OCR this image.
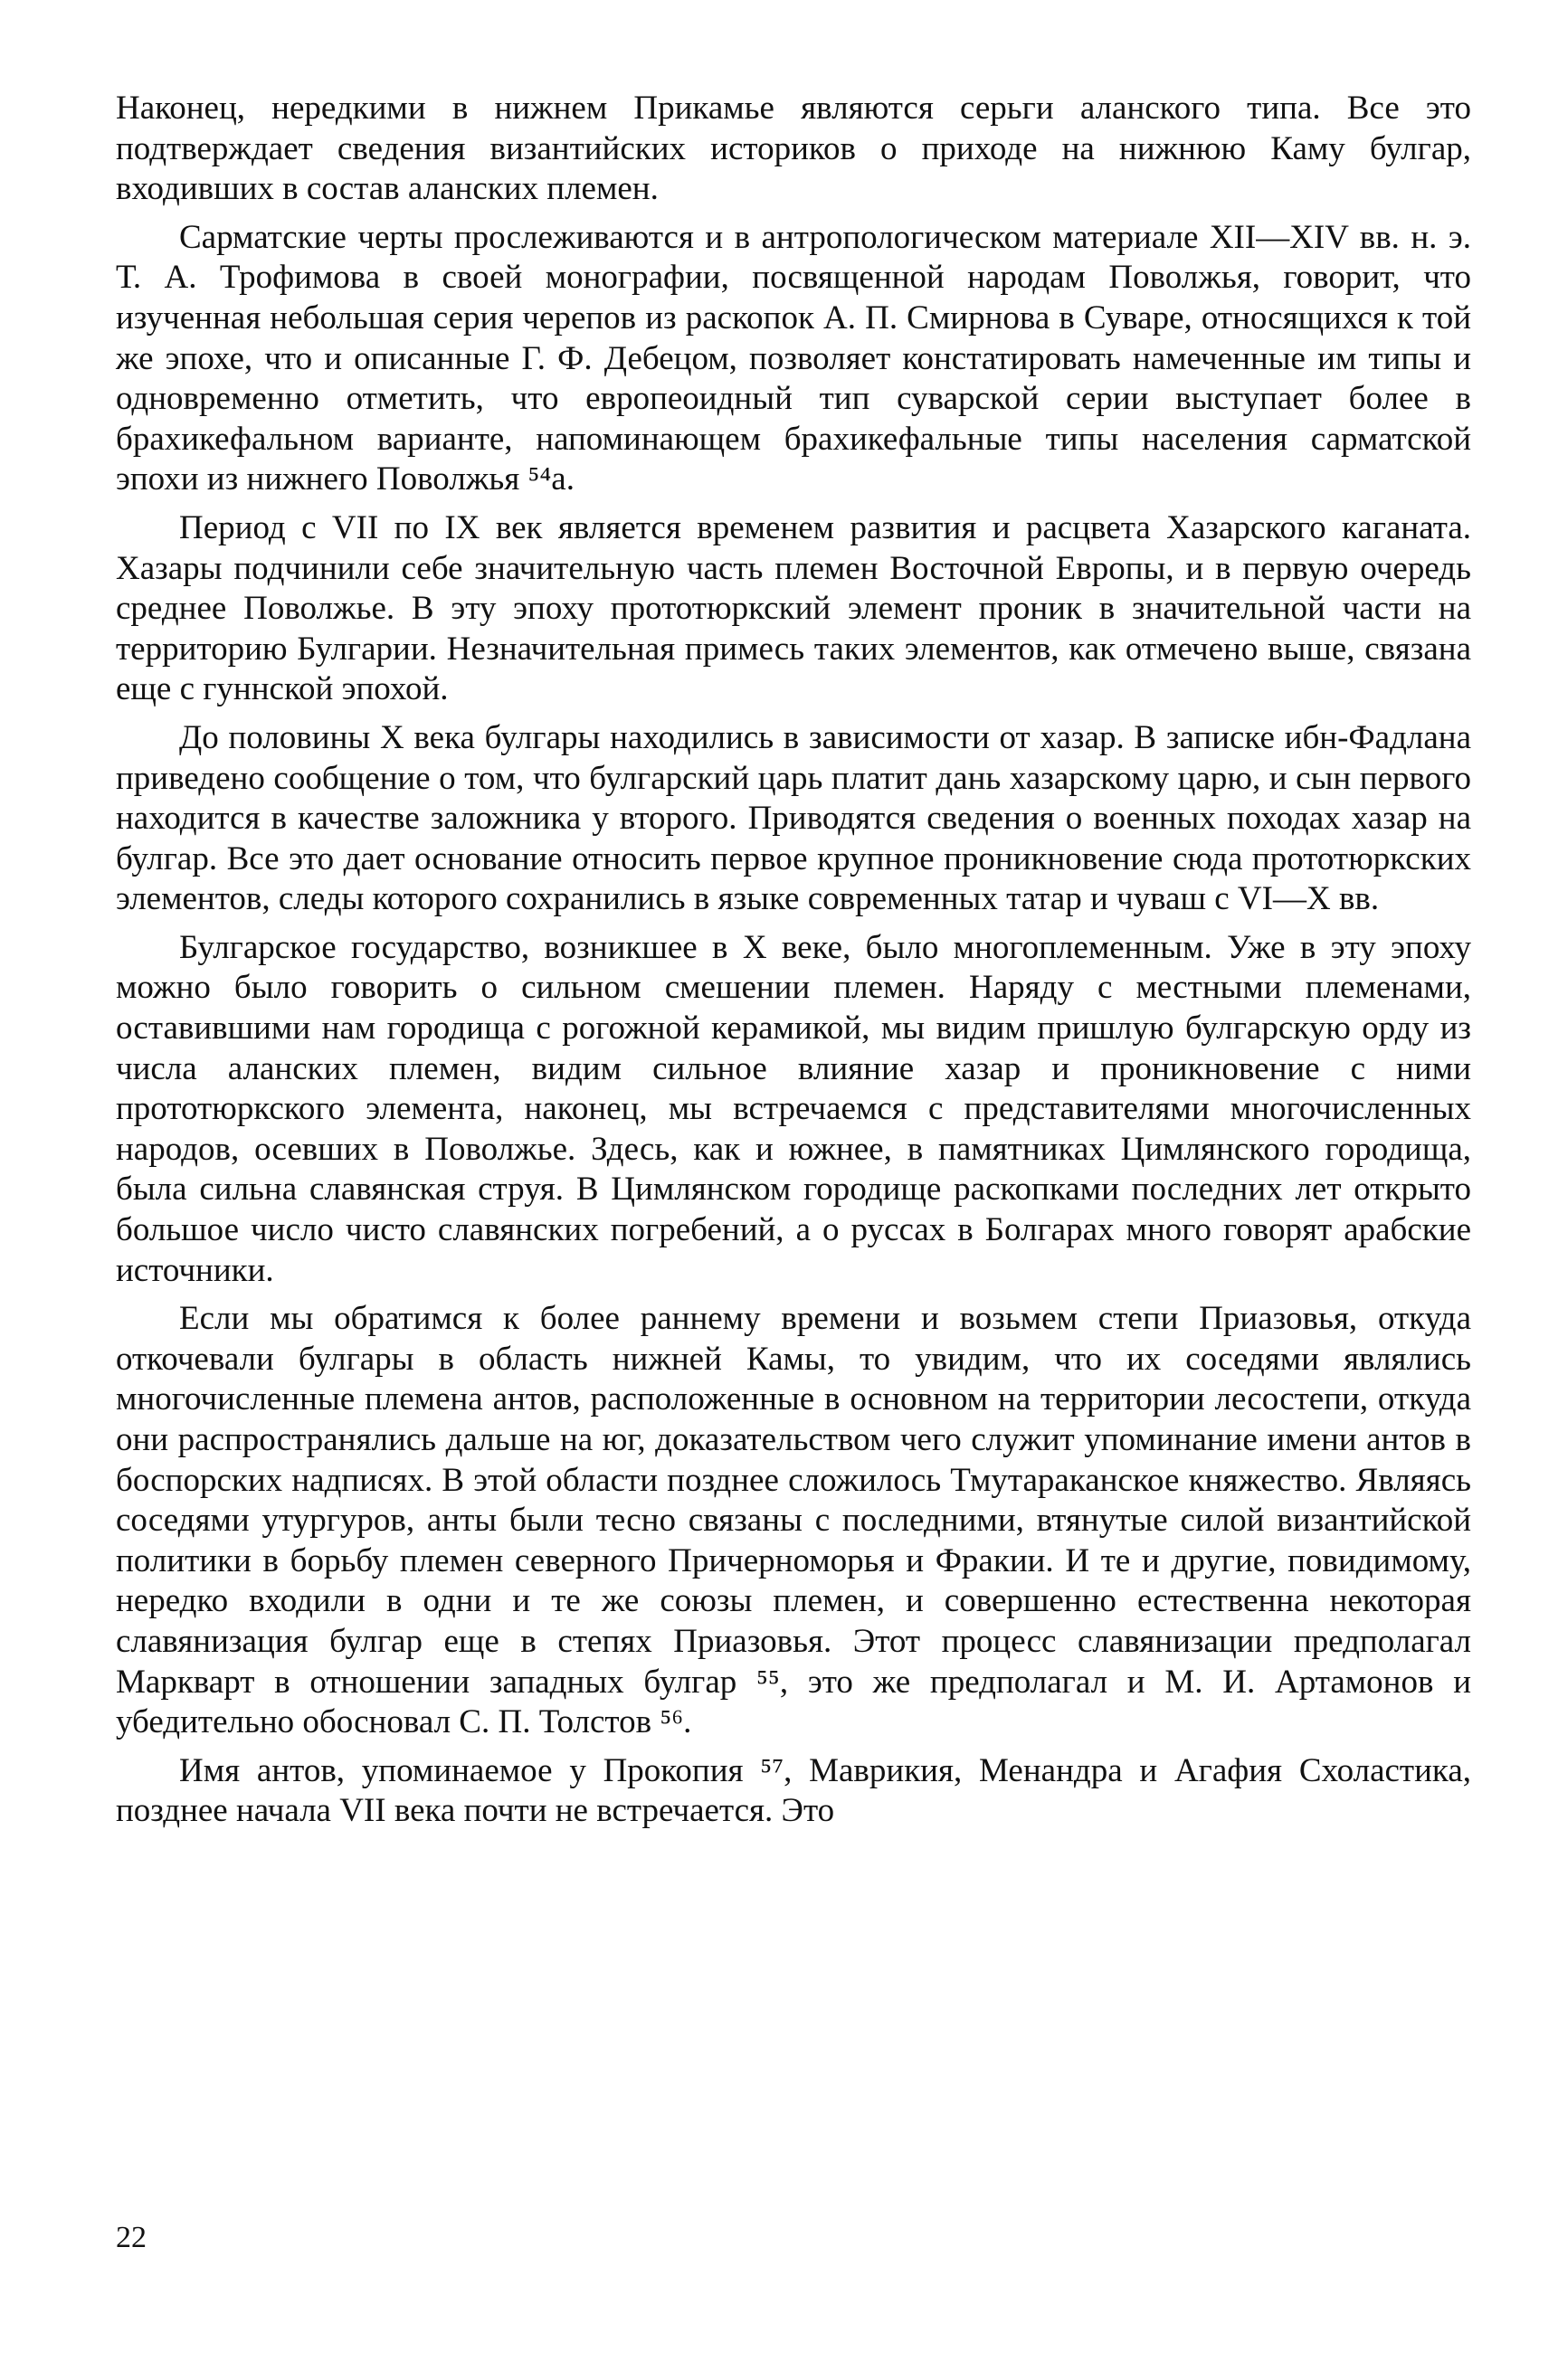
Наконец, нередкими в нижнем Прикамье являются серьги аланского типа. Все это подтверждает сведения византийских историков о приходе на нижнюю Каму булгар, входивших в состав аланских племен.

Сарматские черты прослеживаются и в антропологическом материале XII—XIV вв. н. э. Т. А. Трофимова в своей монографии, посвященной народам Поволжья, говорит, что изученная небольшая серия черепов из раскопок А. П. Смирнова в Суваре, относящихся к той же эпохе, что и описанные Г. Ф. Дебецом, позволяет констатировать намеченные им типы и одновременно отметить, что европеоидный тип суварской серии выступает более в брахикефальном варианте, напоминающем брахикефальные типы населения сарматской эпохи из нижнего Поволжья ⁵⁴а.

Период с VII по IX век является временем развития и расцвета Хазарского каганата. Хазары подчинили себе значительную часть племен Восточной Европы, и в первую очередь среднее Поволжье. В эту эпоху прототюркский элемент проник в значительной части на территорию Булгарии. Незначительная примесь таких элементов, как отмечено выше, связана еще с гуннской эпохой.

До половины X века булгары находились в зависимости от хазар. В записке ибн-Фадлана приведено сообщение о том, что булгарский царь платит дань хазарскому царю, и сын первого находится в качестве заложника у второго. Приводятся сведения о военных походах хазар на булгар. Все это дает основание относить первое крупное проникновение сюда прототюркских элементов, следы которого сохранились в языке современных татар и чуваш с VI—X вв.

Булгарское государство, возникшее в X веке, было многоплеменным. Уже в эту эпоху можно было говорить о сильном смешении племен. Наряду с местными племенами, оставившими нам городища с рогожной керамикой, мы видим пришлую булгарскую орду из числа аланских племен, видим сильное влияние хазар и проникновение с ними прототюркского элемента, наконец, мы встречаемся с представителями многочисленных народов, осевших в Поволжье. Здесь, как и южнее, в памятниках Цимлянского городища, была сильна славянская струя. В Цимлянском городище раскопками последних лет открыто большое число чисто славянских погребений, а о руссах в Болгарах много говорят арабские источники.

Если мы обратимся к более раннему времени и возьмем степи Приазовья, откуда откочевали булгары в область нижней Камы, то увидим, что их соседями являлись многочисленные племена антов, расположенные в основном на территории лесостепи, откуда они распространялись дальше на юг, доказательством чего служит упоминание имени антов в боспорских надписях. В этой области позднее сложилось Тмутараканское княжество. Являясь соседями утургуров, анты были тесно связаны с последними, втянутые силой византийской политики в борьбу племен северного Причерноморья и Фракии. И те и другие, повидимому, нередко входили в одни и те же союзы племен, и совершенно естественна некоторая славянизация булгар еще в степях Приазовья. Этот процесс славянизации предполагал Маркварт в отношении западных булгар ⁵⁵, это же предполагал и М. И. Артамонов и убедительно обосновал С. П. Толстов ⁵⁶.

Имя антов, упоминаемое у Прокопия ⁵⁷, Маврикия, Менандра и Агафия Схоластика, позднее начала VII века почти не встречается. Это

22
